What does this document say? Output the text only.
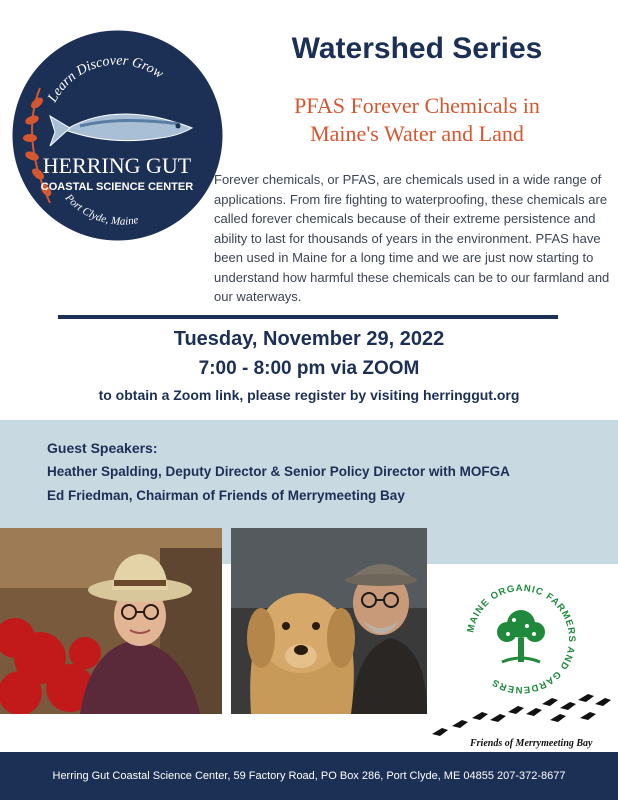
Learn Discover Grow
HERRING GUT
COASTAL SCIENCE CENTER
Port Clyde, Maine
Watershed Series
PFAS Forever Chemicals in
Maine's Water and Land
Forever chemicals, or PFAS, are chemicals used in a wide range of applications. From fire fighting to waterproofing, these chemicals are called forever chemicals because of their extreme persistence and ability to last for thousands of years in the environment. PFAS have been used in Maine for a long time and we are just now starting to understand how harmful these chemicals can be to our farmland and our waterways.
Tuesday, November 29, 2022
7:00 - 8:00 pm via ZOOM
to obtain a Zoom link, please register by visiting herringgut.org
Guest Speakers:
Heather Spalding, Deputy Director & Senior Policy Director with MOFGA
Ed Friedman, Chairman of Friends of Merrymeeting Bay
MAINE ORGANIC FARMERS AND GARDENERS
Friends of Merrymeeting Bay
Herring Gut Coastal Science Center, 59 Factory Road, PO Box 286, Port Clyde, ME 04855 207-372-8677
